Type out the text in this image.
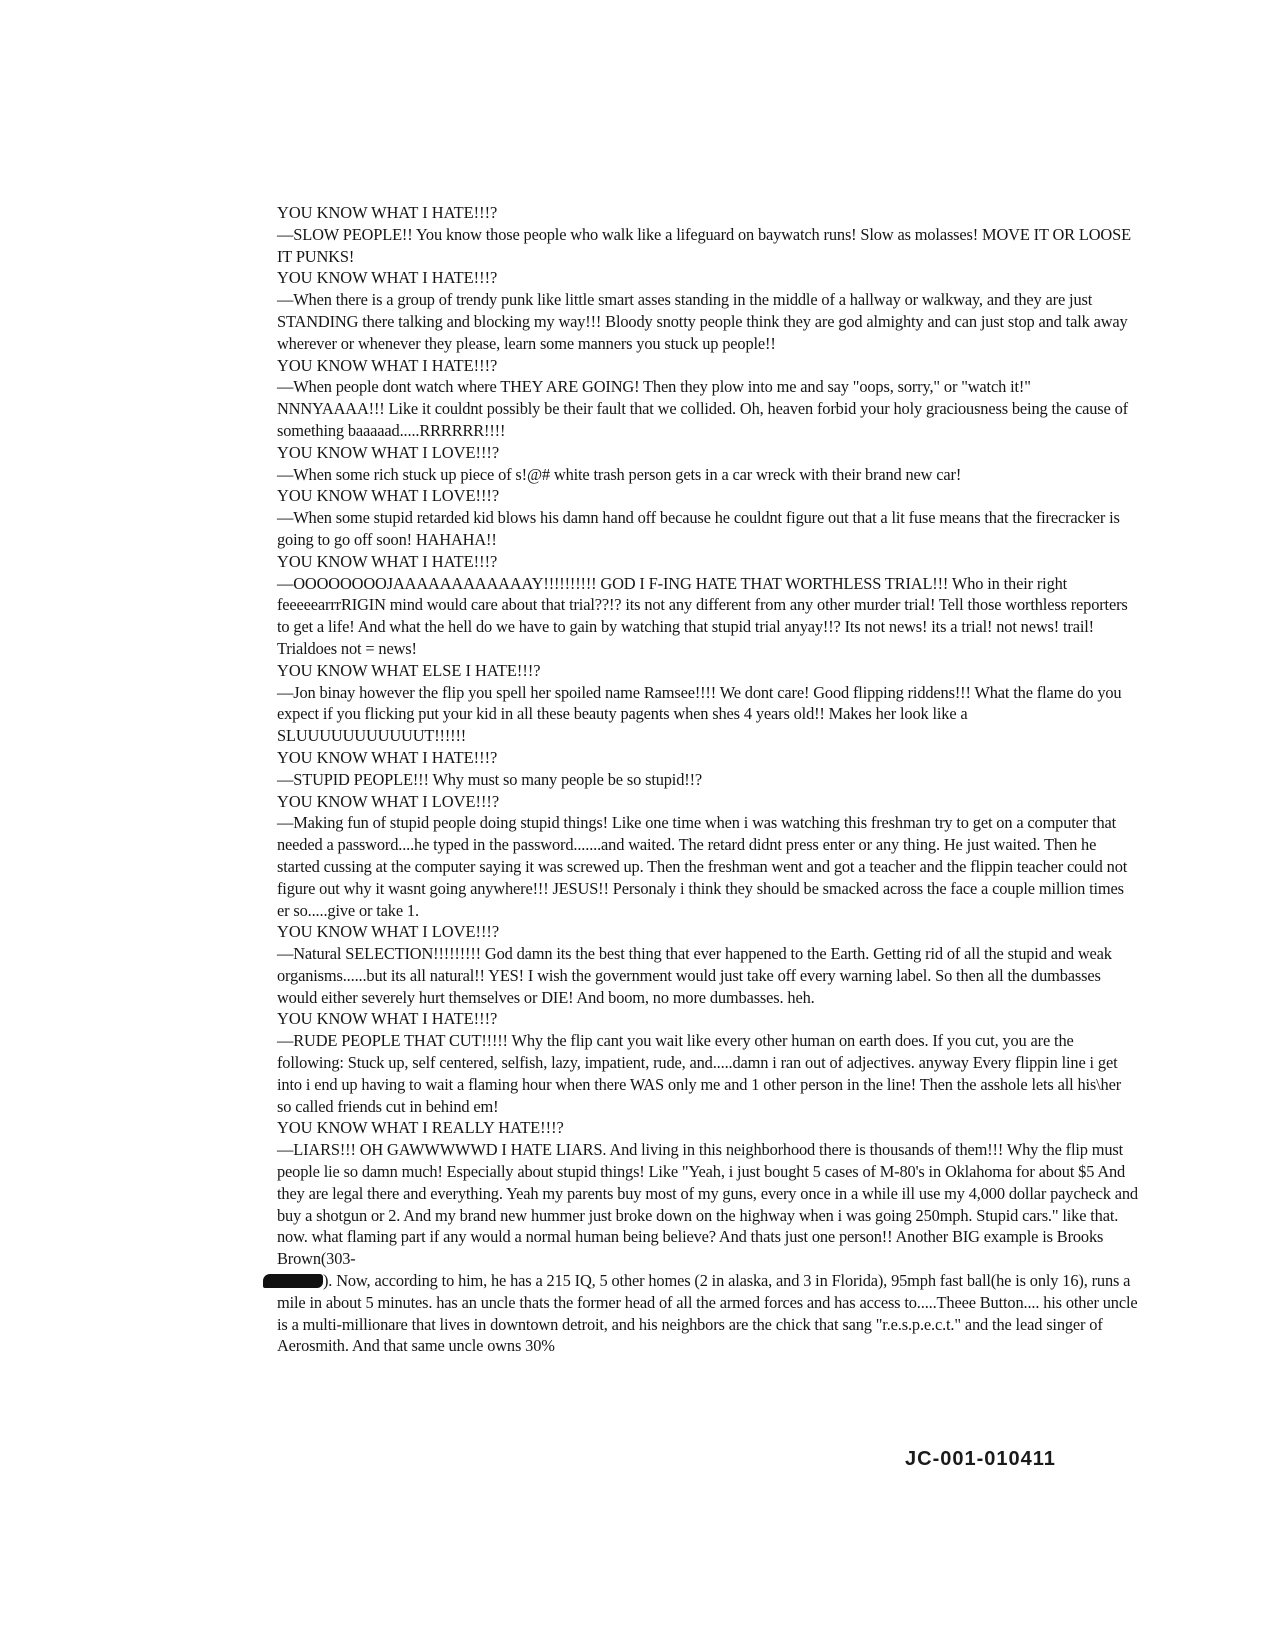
YOU KNOW WHAT I HATE!!!?

—SLOW PEOPLE!! You know those people who walk like a lifeguard on baywatch runs! Slow as molasses! MOVE IT OR LOOSE IT PUNKS!

YOU KNOW WHAT I HATE!!!?

—When there is a group of trendy punk like little smart asses standing in the middle of a hallway or walkway, and they are just STANDING there talking and blocking my way!!! Bloody snotty people think they are god almighty and can just stop and talk away wherever or whenever they please, learn some manners you stuck up people!!

YOU KNOW WHAT I HATE!!!?

—When people dont watch where THEY ARE GOING! Then they plow into me and say "oops, sorry," or "watch it!" NNNYAAAA!!! Like it couldnt possibly be their fault that we collided. Oh, heaven forbid your holy graciousness being the cause of something baaaaad.....RRRRRR!!!!

YOU KNOW WHAT I LOVE!!!?

—When some rich stuck up piece of s!@# white trash person gets in a car wreck with their brand new car!

YOU KNOW WHAT I LOVE!!!?

—When some stupid retarded kid blows his damn hand off because he couldnt figure out that a lit fuse means that the firecracker is going to go off soon! HAHAHA!!

YOU KNOW WHAT I HATE!!!?

—OOOOOOOOJAAAAAAAAAAAAY!!!!!!!!!! GOD I F-ING HATE THAT WORTHLESS TRIAL!!! Who in their right feeeeearrrRIGIN mind would care about that trial??!? its not any different from any other murder trial! Tell those worthless reporters to get a life! And what the hell do we have to gain by watching that stupid trial anyay!!? Its not news! its a trial! not news! trail! Trialdoes not = news!

YOU KNOW WHAT ELSE I HATE!!!?

—Jon binay however the flip you spell her spoiled name Ramsee!!!! We dont care! Good flipping riddens!!! What the flame do you expect if you flicking put your kid in all these beauty pagents when shes 4 years old!! Makes her look like a SLUUUUUUUUUUUT!!!!!!

YOU KNOW WHAT I HATE!!!?

—STUPID PEOPLE!!! Why must so many people be so stupid!!?

YOU KNOW WHAT I LOVE!!!?

—Making fun of stupid people doing stupid things! Like one time when i was watching this freshman try to get on a computer that needed a password....he typed in the password.......and waited. The retard didnt press enter or any thing. He just waited. Then he started cussing at the computer saying it was screwed up. Then the freshman went and got a teacher and the flippin teacher could not figure out why it wasnt going anywhere!!! JESUS!! Personaly i think they should be smacked across the face a couple million times er so.....give or take 1.

YOU KNOW WHAT I LOVE!!!?

—Natural SELECTION!!!!!!!!! God damn its the best thing that ever happened to the Earth. Getting rid of all the stupid and weak organisms......but its all natural!! YES! I wish the government would just take off every warning label. So then all the dumbasses would either severely hurt themselves or DIE! And boom, no more dumbasses. heh.

YOU KNOW WHAT I HATE!!!?

—RUDE PEOPLE THAT CUT!!!!! Why the flip cant you wait like every other human on earth does. If you cut, you are the following: Stuck up, self centered, selfish, lazy, impatient, rude, and.....damn i ran out of adjectives. anyway Every flippin line i get into i end up having to wait a flaming hour when there WAS only me and 1 other person in the line! Then the asshole lets all his\her so called friends cut in behind em!

YOU KNOW WHAT I REALLY HATE!!!?

—LIARS!!! OH GAWWWWWD I HATE LIARS. And living in this neighborhood there is thousands of them!!! Why the flip must people lie so damn much! Especially about stupid things! Like "Yeah, i just bought 5 cases of M-80's in Oklahoma for about $5 And they are legal there and everything. Yeah my parents buy most of my guns, every once in a while ill use my 4,000 dollar paycheck and buy a shotgun or 2. And my brand new hummer just broke down on the highway when i was going 250mph. Stupid cars." like that. now. what flaming part if any would a normal human being believe? And thats just one person!! Another BIG example is Brooks Brown(303-
). Now, according to him, he has a 215 IQ, 5 other homes (2 in alaska, and 3 in Florida), 95mph fast ball(he is only 16), runs a mile in about 5 minutes. has an uncle thats the former head of all the armed forces and has access to.....Theee Button.... his other uncle is a multi-millionare that lives in downtown detroit, and his neighbors are the chick that sang "r.e.s.p.e.c.t." and the lead singer of Aerosmith. And that same uncle owns 30%

JC-001-010411
